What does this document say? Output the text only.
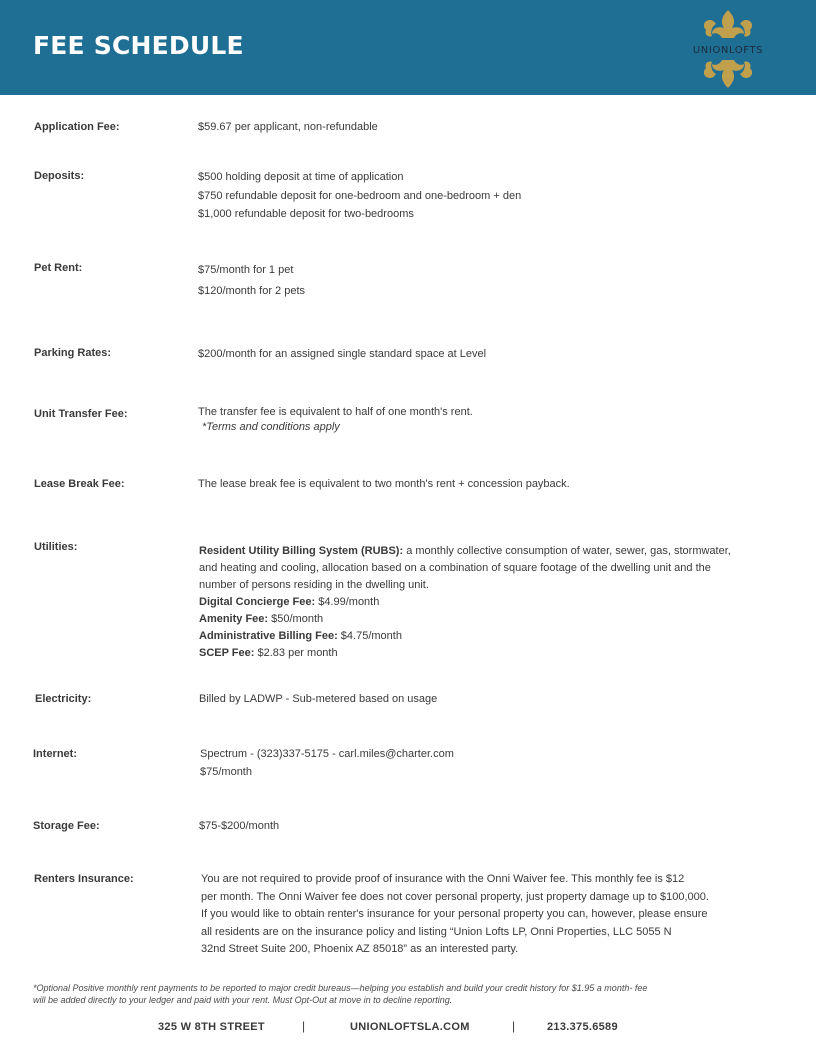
FEE SCHEDULE	UNIONLOFTS
Application Fee:	$59.67 per applicant, non-refundable
Deposits:	$500 holding deposit at time of application
$750 refundable deposit for one-bedroom and one-bedroom + den
$1,000 refundable deposit for two-bedrooms
Pet Rent:	$75/month for 1 pet
$120/month for 2 pets
Parking Rates:	$200/month for an assigned single standard space at Level
Unit Transfer Fee:	The transfer fee is equivalent to half of one month's rent.
*Terms and conditions apply
Lease Break Fee:	The lease break fee is equivalent to two month's rent + concession payback.
Utilities:	Resident Utility Billing System (RUBS): a monthly collective consumption of water, sewer, gas, stormwater,
and heating and cooling, allocation based on a combination of square footage of the dwelling unit and the
number of persons residing in the dwelling unit.
Digital Concierge Fee: $4.99/month
Amenity Fee: $50/month
Administrative Billing Fee: $4.75/month
SCEP Fee: $2.83 per month
Electricity:	Billed by LADWP - Sub-metered based on usage
Internet:	Spectrum - (323)337-5175 - carl.miles@charter.com
$75/month
Storage Fee:	$75-$200/month
Renters Insurance:	You are not required to provide proof of insurance with the Onni Waiver fee. This monthly fee is $12
per month. The Onni Waiver fee does not cover personal property, just property damage up to $100,000.
If you would like to obtain renter's insurance for your personal property you can, however, please ensure
all residents are on the insurance policy and listing “Union Lofts LP, Onni Properties, LLC 5055 N
32nd Street Suite 200, Phoenix AZ 85018” as an interested party.
*Optional Positive monthly rent payments to be reported to major credit bureaus—helping you establish and build your credit history for $1.95 a month- fee
will be added directly to your ledger and paid with your rent. Must Opt-Out at move in to decline reporting.
325 W 8TH STREET	|	UNIONLOFTSLA.COM	|	213.375.6589
